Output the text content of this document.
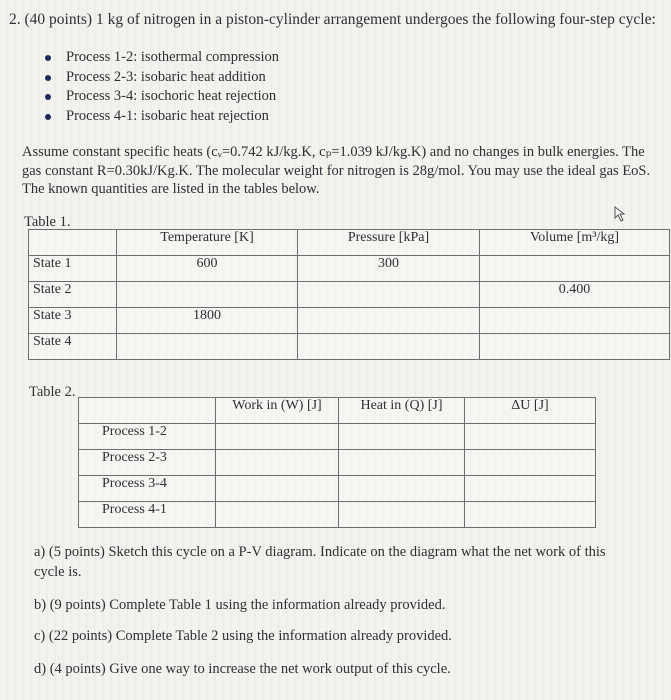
2. (40 points) 1 kg of nitrogen in a piston-cylinder arrangement undergoes the following four-step cycle:
Process 1-2: isothermal compression
Process 2-3: isobaric heat addition
Process 3-4: isochoric heat rejection
Process 4-1: isobaric heat rejection
Assume constant specific heats (cᵥ=0.742 kJ/kg.K, cₚ=1.039 kJ/kg.K) and no changes in bulk energies. The gas constant R=0.30kJ/Kg.K. The molecular weight for nitrogen is 28g/mol. You may use the ideal gas EoS. The known quantities are listed in the tables below.
Table 1.
	Temperature [K]	Pressure [kPa]	Volume [m³/kg]
State 1	600	300	
State 2			0.400
State 3	1800		
State 4			
Table 2.
	Work in (W) [J]	Heat in (Q) [J]	ΔU [J]
Process 1-2			
Process 2-3			
Process 3-4			
Process 4-1			
a) (5 points) Sketch this cycle on a P-V diagram. Indicate on the diagram what the net work of this
cycle is.
b) (9 points) Complete Table 1 using the information already provided.
c) (22 points) Complete Table 2 using the information already provided.
d) (4 points) Give one way to increase the net work output of this cycle.
